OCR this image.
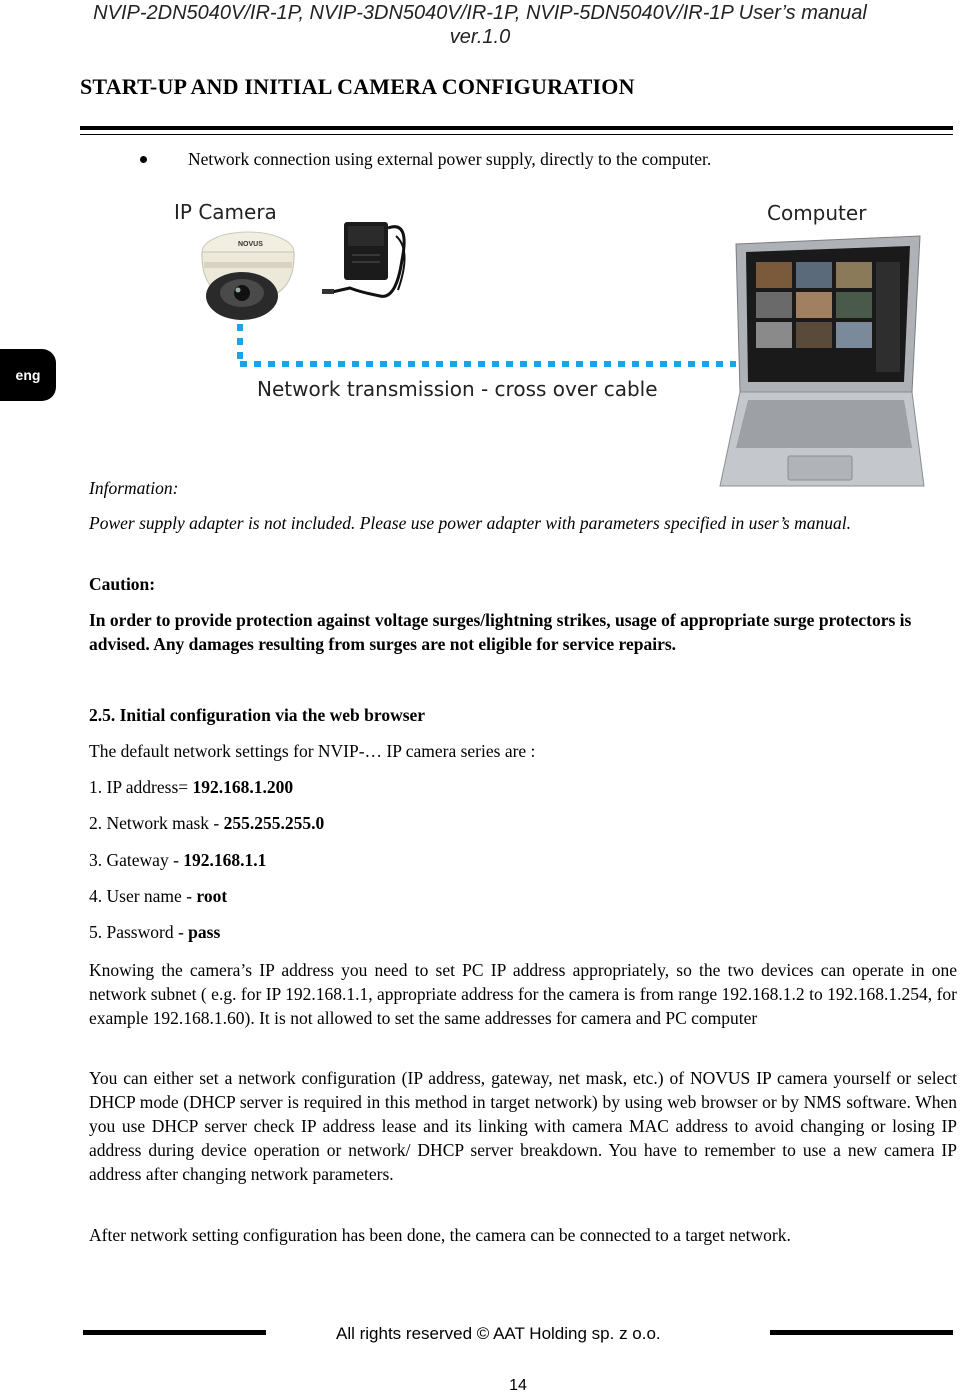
NVIP-2DN5040V/IR-1P, NVIP-3DN5040V/IR-1P, NVIP-5DN5040V/IR-1P User’s manual
ver.1.0
START-UP AND INITIAL CAMERA CONFIGURATION
Network connection using external power supply, directly to the computer.
IP Camera	Computer
NOVUS
Network transmission - cross over cable
eng
Information:
Power supply adapter is not included. Please use power adapter with parameters specified in user’s manual.
Caution:
In order to provide protection against voltage surges/lightning strikes, usage of appropriate surge protectors is advised. Any damages resulting from surges are not eligible for service repairs.
2.5. Initial configuration via the web browser
The default network settings for NVIP-… IP camera series are :
1. IP address= 192.168.1.200
2. Network mask - 255.255.255.0
3. Gateway - 192.168.1.1
4. User name - root
5. Password - pass
Knowing the camera’s IP address you need to set PC IP address appropriately, so the two devices can operate in one network subnet ( e.g. for IP 192.168.1.1, appropriate address for the camera is from range 192.168.1.2 to 192.168.1.254, for example 192.168.1.60). It is not allowed to set the same addresses for camera and PC computer
You can either set a network configuration (IP address, gateway, net mask, etc.) of NOVUS IP camera yourself or select DHCP mode (DHCP server is required in this method in target network) by using web browser or by NMS software. When you use DHCP server check IP address lease and its linking with camera MAC address to avoid changing or losing IP address during device operation or network/ DHCP server breakdown. You have to remember to use a new camera IP address after changing network parameters.
After network setting configuration has been done, the camera can be connected to a target network.
All rights reserved © AAT Holding sp. z o.o.
14
